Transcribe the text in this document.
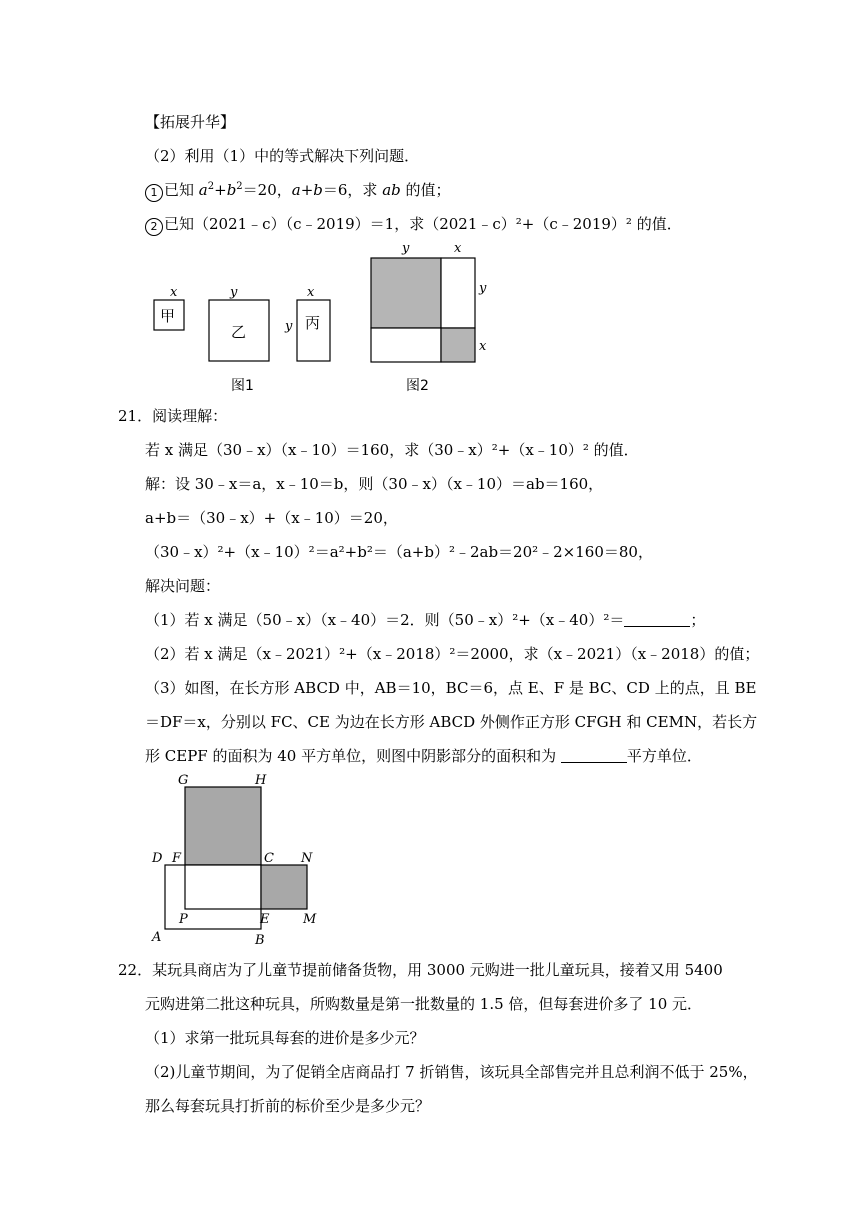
【拓展升华】
（2）利用（1）中的等式解决下列问题．
1 已知 $a^2+b^2=20$，a+b＝6，求 ab 的值；
2 已知（2021﹣c）（c﹣2019）＝1，求（2021﹣c）²+（c﹣2019）² 的值．
x
甲
y
乙
x
y 丙
图1
y	x
y
x
图2
21．阅读理解：
若 x 满足（30﹣x）（x﹣10）＝160，求（30﹣x）²+（x﹣10）² 的值．
解：设 30﹣x＝a，x﹣10＝b，则（30﹣x）（x﹣10）＝ab＝160，
a+b＝（30﹣x）+（x﹣10）＝20，
（30﹣x）²+（x﹣10）²＝a²+b²＝（a+b）²﹣2ab＝20²﹣2×160＝80，
解决问题：
（1）若 x 满足（50﹣x）（x﹣40）＝2．则（50﹣x）²+（x﹣40）²＝	；
（2）若 x 满足（x﹣2021）²+（x﹣2018）²＝2000，求（x﹣2021）（x﹣2018）的值；
（3）如图，在长方形 ABCD 中，AB＝10，BC＝6，点 E、F 是 BC、CD 上的点，且 BE
＝DF＝x，分别以 FC、CE 为边在长方形 ABCD 外侧作正方形 CFGH 和 CEMN，若长方
形 CEPF 的面积为 40 平方单位，则图中阴影部分的面积和为	平方单位．
G	H
D F	C N
P	E	M
A	B
22．某玩具商店为了儿童节提前储备货物，用 3000 元购进一批儿童玩具，接着又用 5400
元购进第二批这种玩具，所购数量是第一批数量的 1.5 倍，但每套进价多了 10 元．
（1）求第一批玩具每套的进价是多少元？
（2)儿童节期间，为了促销全店商品打 7 折销售，该玩具全部售完并且总利润不低于 25%，
那么每套玩具打折前的标价至少是多少元？
